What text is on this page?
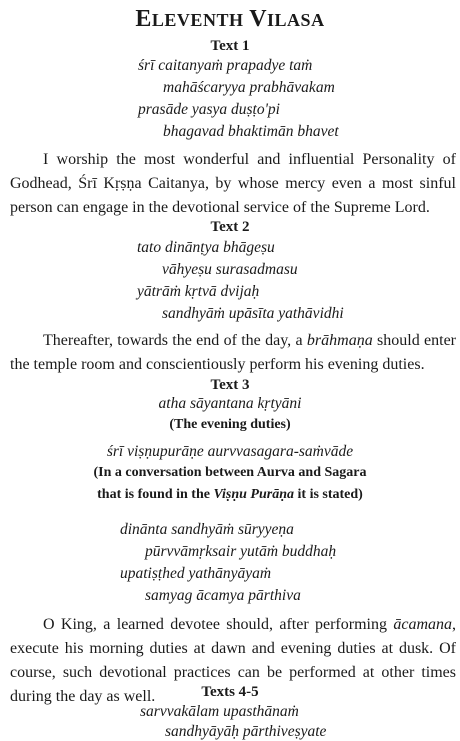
ELEVENTH VILASA
Text 1
śrī caitanyaṁ prapadye taṁ
mahāścaryya prabhāvakam
prasāde yasya duṣṭo'pi
bhagavad bhaktimān bhavet

I worship the most wonderful and influential Personality of Godhead, Śrī Kṛṣṇa Caitanya, by whose mercy even a most sinful person can engage in the devotional service of the Supreme Lord.

Text 2
tato dinānṭya bhāgeṣu
vāhyeṣu surasadmasu
yātrāṁ kṛtvā dvijaḥ
sandhyāṁ upāsīta yathāvidhi

Thereafter, towards the end of the day, a brāhmaṇa should enter the temple room and conscientiously perform his evening duties.

Text 3
atha sāyantana kṛtyāni
(The evening duties)
śrī viṣṇupurāṇe aurvvasagara-saṁvāde
(In a conversation between Aurva and Sagara
that is found in the Viṣṇu Purāṇa it is stated)
dinānta sandhyāṁ sūryyeṇa
pūrvvāmṛksair yutāṁ buddhaḥ
upatiṣṭhed yathānyāyaṁ
samyag ācamya pārthiva

O King, a learned devotee should, after performing ācamana, execute his morning duties at dawn and evening duties at dusk. Of course, such devotional practices can be performed at other times during the day as well.	Texts 4-5
sarvvakālam upasthānaṁ
sandhyāyāḥ pārthiveṣyate
